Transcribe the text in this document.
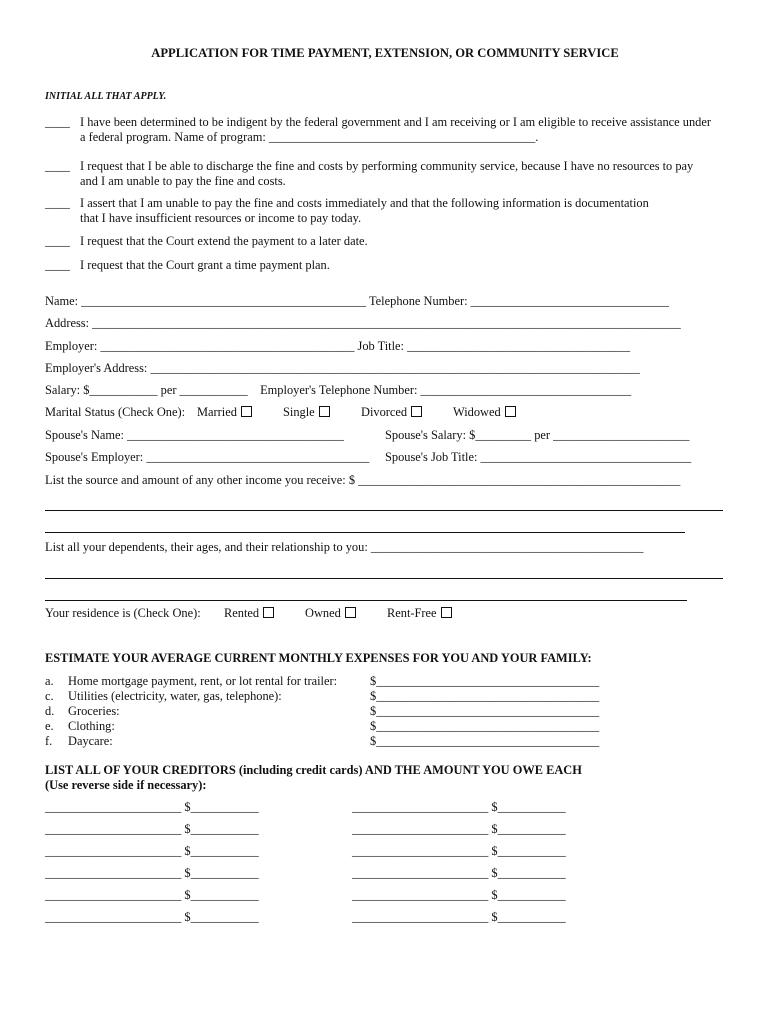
APPLICATION FOR TIME PAYMENT, EXTENSION, OR COMMUNITY SERVICE
INITIAL ALL THAT APPLY.
____ I have been determined to be indigent by the federal government and I am receiving or I am eligible to receive assistance under
a federal program. Name of program: ___________________________________________.
____ I request that I be able to discharge the fine and costs by performing community service, because I have no resources to pay
and I am unable to pay the fine and costs.
____ I assert that I am unable to pay the fine and costs immediately and that the following information is documentation
that I have insufficient resources or income to pay today.
____ I request that the Court extend the payment to a later date.
____ I request that the Court grant a time payment plan.
Name: ______________________________________________ Telephone Number: ________________________________
Address: _______________________________________________________________________________________________
Employer: _________________________________________ Job Title: ____________________________________
Employer's Address: _______________________________________________________________________________
Salary: $___________ per ___________    Employer's Telephone Number: __________________________________
Marital Status (Check One): Married	Single	Divorced	Widowed
Spouse's Name: ___________________________________	Spouse's Salary: $_________ per ______________________
Spouse's Employer: ____________________________________ Spouse's Job Title: __________________________________
List the source and amount of any other income you receive: $ ____________________________________________________
List all your dependents, their ages, and their relationship to you: ____________________________________________
Your residence is (Check One): Rented	Owned	Rent-Free
ESTIMATE YOUR AVERAGE CURRENT MONTHLY EXPENSES FOR YOU AND YOUR FAMILY:
a. Home mortgage payment, rent, or lot rental for trailer:	$____________________________________
c. Utilities (electricity, water, gas, telephone):	$____________________________________
d. Groceries:	$____________________________________
e. Clothing:	$____________________________________
f. Daycare:	$____________________________________
LIST ALL OF YOUR CREDITORS (including credit cards) AND THE AMOUNT YOU OWE EACH
(Use reverse side if necessary):
______________________ $___________	______________________ $___________
______________________ $___________	______________________ $___________
______________________ $___________	______________________ $___________
______________________ $___________	______________________ $___________
______________________ $___________	______________________ $___________
______________________ $___________	______________________ $___________
